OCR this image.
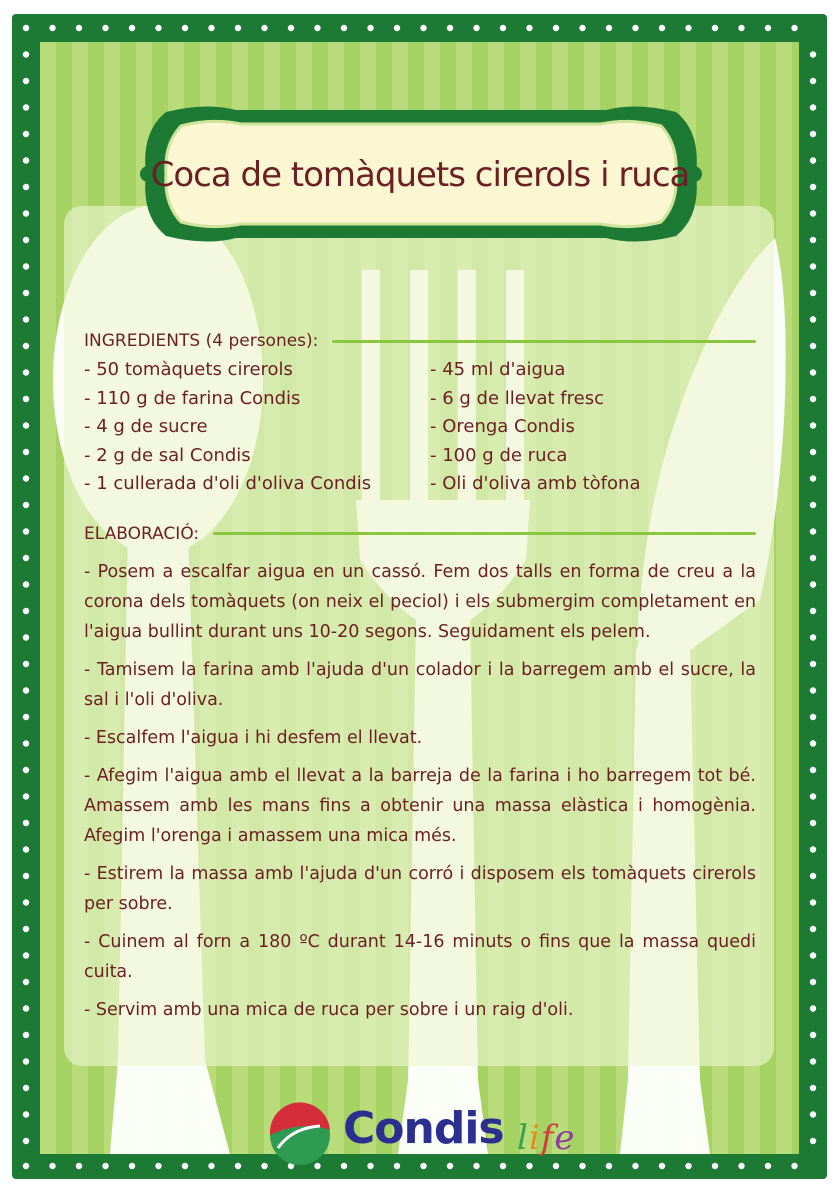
Coca de tomàquets cirerols i ruca
INGREDIENTS (4 persones):
- 50 tomàquets cirerols
- 110 g de farina Condis
- 4 g de sucre
- 2 g de sal Condis
- 1 cullerada d'oli d'oliva Condis
- 45 ml d'aigua
- 6 g de llevat fresc
- Orenga Condis
- 100 g de ruca
- Oli d'oliva amb tòfona
ELABORACIÓ:

- Posem a escalfar aigua en un cassó. Fem dos talls en forma de creu a la corona dels tomàquets (on neix el peciol) i els submergim completament en l'aigua bullint durant uns 10-20 segons. Seguidament els pelem.

- Tamisem la farina amb l'ajuda d'un colador i la barregem amb el sucre, la sal i l'oli d'oliva.

- Escalfem l'aigua i hi desfem el llevat.

- Afegim l'aigua amb el llevat a la barreja de la farina i ho barregem tot bé. Amassem amb les mans fins a obtenir una massa elàstica i homogènia. Afegim l'orenga i amassem una mica més.

- Estirem la massa amb l'ajuda d'un corró i disposem els tomàquets cirerols per sobre.

- Cuinem al forn a 180 ºC durant 14-16 minuts o fins que la massa quedi cuita.

- Servim amb una mica de ruca per sobre i un raig d'oli.

Condis life
